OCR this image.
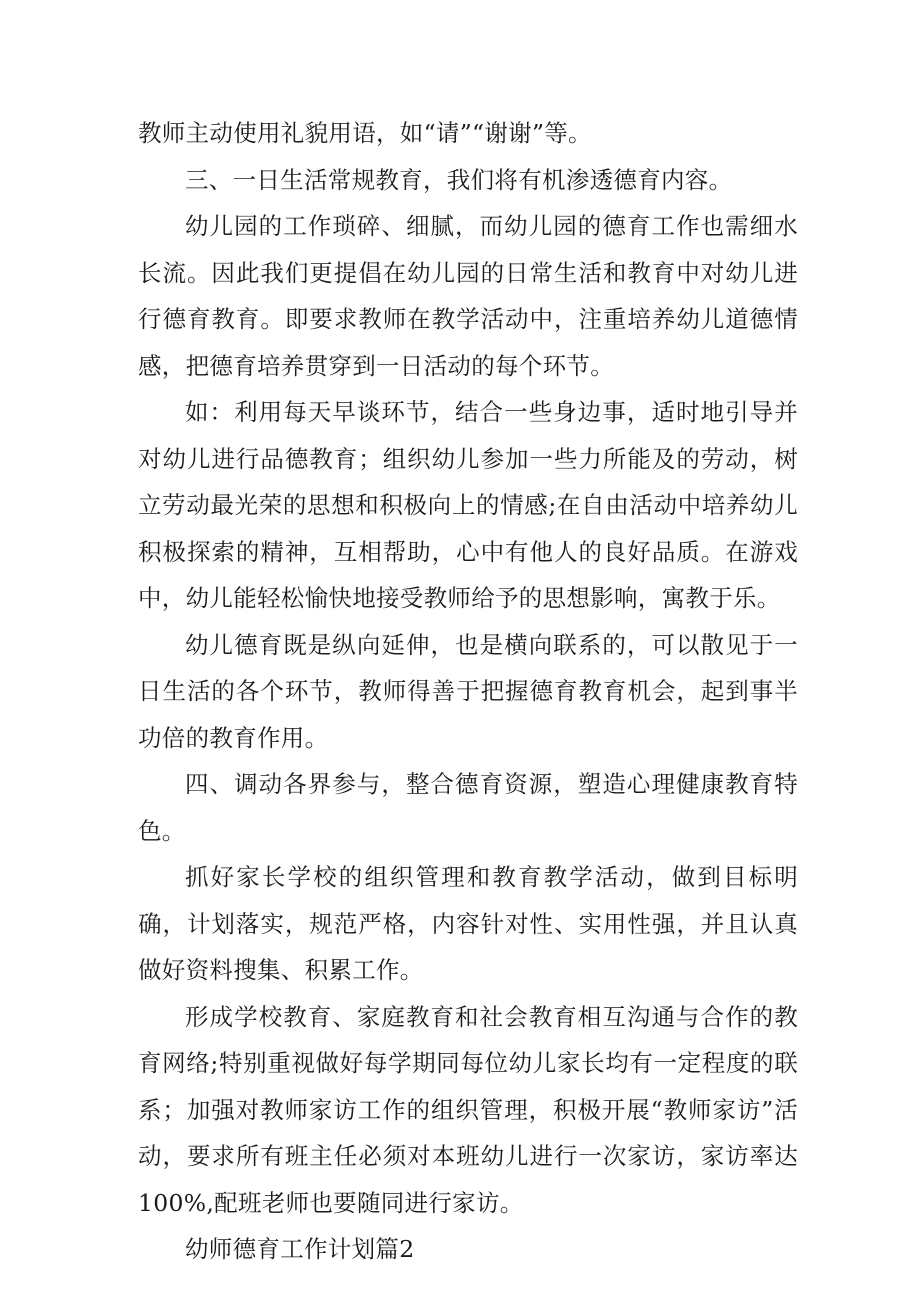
教师主动使用礼貌用语，如“请”“谢谢”等。

三、一日生活常规教育，我们将有机渗透德育内容。

幼儿园的工作琐碎、细腻，而幼儿园的德育工作也需细水长流。因此我们更提倡在幼儿园的日常生活和教育中对幼儿进行德育教育。即要求教师在教学活动中，注重培养幼儿道德情感，把德育培养贯穿到一日活动的每个环节。

如：利用每天早谈环节，结合一些身边事，适时地引导并对幼儿进行品德教育；组织幼儿参加一些力所能及的劳动，树立劳动最光荣的思想和积极向上的情感;在自由活动中培养幼儿积极探索的精神，互相帮助，心中有他人的良好品质。在游戏中，幼儿能轻松愉快地接受教师给予的思想影响，寓教于乐。

幼儿德育既是纵向延伸，也是横向联系的，可以散见于一日生活的各个环节，教师得善于把握德育教育机会，起到事半功倍的教育作用。

四、调动各界参与，整合德育资源，塑造心理健康教育特色。

抓好家长学校的组织管理和教育教学活动，做到目标明确，计划落实，规范严格，内容针对性、实用性强，并且认真做好资料搜集、积累工作。

形成学校教育、家庭教育和社会教育相互沟通与合作的教育网络;特别重视做好每学期同每位幼儿家长均有一定程度的联系；加强对教师家访工作的组织管理，积极开展“教师家访”活动，要求所有班主任必须对本班幼儿进行一次家访，家访率达100%,配班老师也要随同进行家访。

幼师德育工作计划篇2
